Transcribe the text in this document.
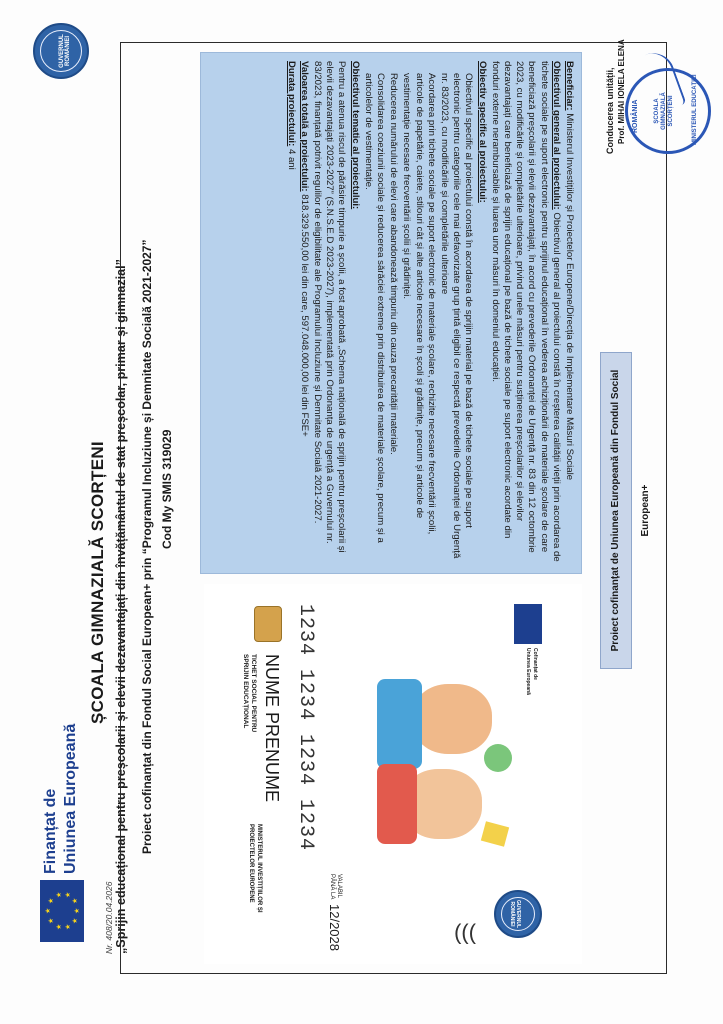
★
★
★ ★
★
★
★
★
★
★
Finanțat de Uniunea Europeană
GUVERNUL ROMÂNIEI
ȘCOALA GIMNAZIALĂ SCORȚENI
Nr. 408/20.04.2026 „Sprijin educațional pentru preșcolarii și elevii dezavantajați din învățământul de stat preșcolar, primar și gimnazial” Proiect cofinanțat din Fondul Social European+ prin “Programul Incluziune și Demnitate Socială 2021-2027” Cod My SMIS 319029

Beneficiar: Ministerul Investițiilor și Proiectelor Europene/Direcția de Implementare Măsuri Sociale

Obiectivul general al proiectului: Obiectivul general al proiectului constă în creșterea calității vieții prin acordarea de tichete sociale pe suport electronic pentru sprijinul educațional în vederea achiziționării de materiale școlare de care beneficiază preșcolarii și elevii dezavantajați, în acord cu prevederile Ordonanței de Urgență nr. 83 din 12 octombrie 2023, cu modificările și completările ulterioare, privind unele măsuri pentru susținerea preșcolarilor și elevilor dezavantajați care beneficiază de sprijin educațional pe bază de tichete sociale pe suport electronic acordate din fonduri externe nerambursabile și luarea unor măsuri în domeniul educației.

Obiectiv specific al proiectului:

Obiectivul specific al proiectului constă în acordarea de sprijin material pe bază de tichete sociale pe suport electronic pentru categoriile cele mai defavorizate grup țintă eligibil ce respectă prevederile Ordonanței de Urgență nr. 83/2023, cu modificările și completările ulterioare

Acordarea prin tichete sociale pe suport electronic de materiale școlare, rechizite necesare frecventării școlii, articole de papetărie, caiete, stilouri cât și alte articole necesare în școli și grădinițe, precum și articole de vestimentație necesare frecventării școlii și grădiniței.

Reducerea numărului de elevi care abandonează timpuriu din cauza precarității materiale.

Consolidarea coeziunii sociale și reducerea sărăciei extreme prin distribuirea de materiale școlare, precum și a articolelor de vestimentație.

Obiectivul tematic al proiectului:

Pentru a atenua riscul de părăsire timpurie a școlii, a fost aprobată „Schema națională de sprijin pentru preșcolarii și elevii dezavantajați 2023-2027” (S.N.S.E.D 2023-2027), implementată prin Ordonanța de urgență a Guvernului nr. 83/2023, finanțată potrivit regulilor de eligibilitate ale Programului Incluziune și Demnitate Socială 2021-2027.

Valoarea totală a proiectului: 818.329.550,00 lei din care, 597.048.000,00 lei din FSE+

Durata proiectului: 4 ani

GUVERNUL ROMÂNIEI
)))
1234 1234 1234 1234
VALABIL
PÂNĂ LA
12/2028
NUME PRENUME
TICHET SOCIAL PENTRU
SPRIJIN EDUCAȚIONAL
MINISTERUL INVESTIȚIILOR ȘI
PROIECTELOR EUROPENE
Cofinanțat de
Uniunea Europeană
Proiect cofinanțat de Uniunea Europeană din Fondul Social European+
Conducerea unității, Prof. MIHAI IONELA ELENA ROMÂNIA	ȘCOALA GIMNAZIALĂ SCORȚENI	MINISTERUL EDUCAȚIEI
